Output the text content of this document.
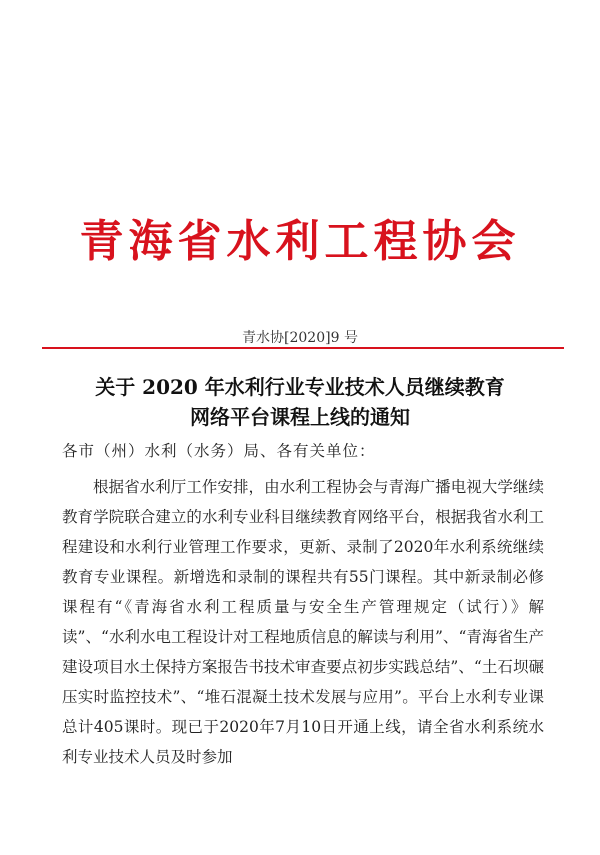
青海省水利工程协会
青水协[2020]9 号
关于 2020 年水利行业专业技术人员继续教育
网络平台课程上线的通知
各市（州）水利（水务）局、各有关单位：
根据省水利厅工作安排，由水利工程协会与青海广播电视大学继续教育学院联合建立的水利专业科目继续教育网络平台，根据我省水利工程建设和水利行业管理工作要求，更新、录制了2020年水利系统继续教育专业课程。新增选和录制的课程共有55门课程。其中新录制必修课程有“《青海省水利工程质量与安全生产管理规定（试行）》解读”、“水利水电工程设计对工程地质信息的解读与利用”、“青海省生产建设项目水土保持方案报告书技术审查要点初步实践总结”、“土石坝碾压实时监控技术”、“堆石混凝土技术发展与应用”。平台上水利专业课总计405课时。现已于2020年7月10日开通上线，请全省水利系统水利专业技术人员及时参加
